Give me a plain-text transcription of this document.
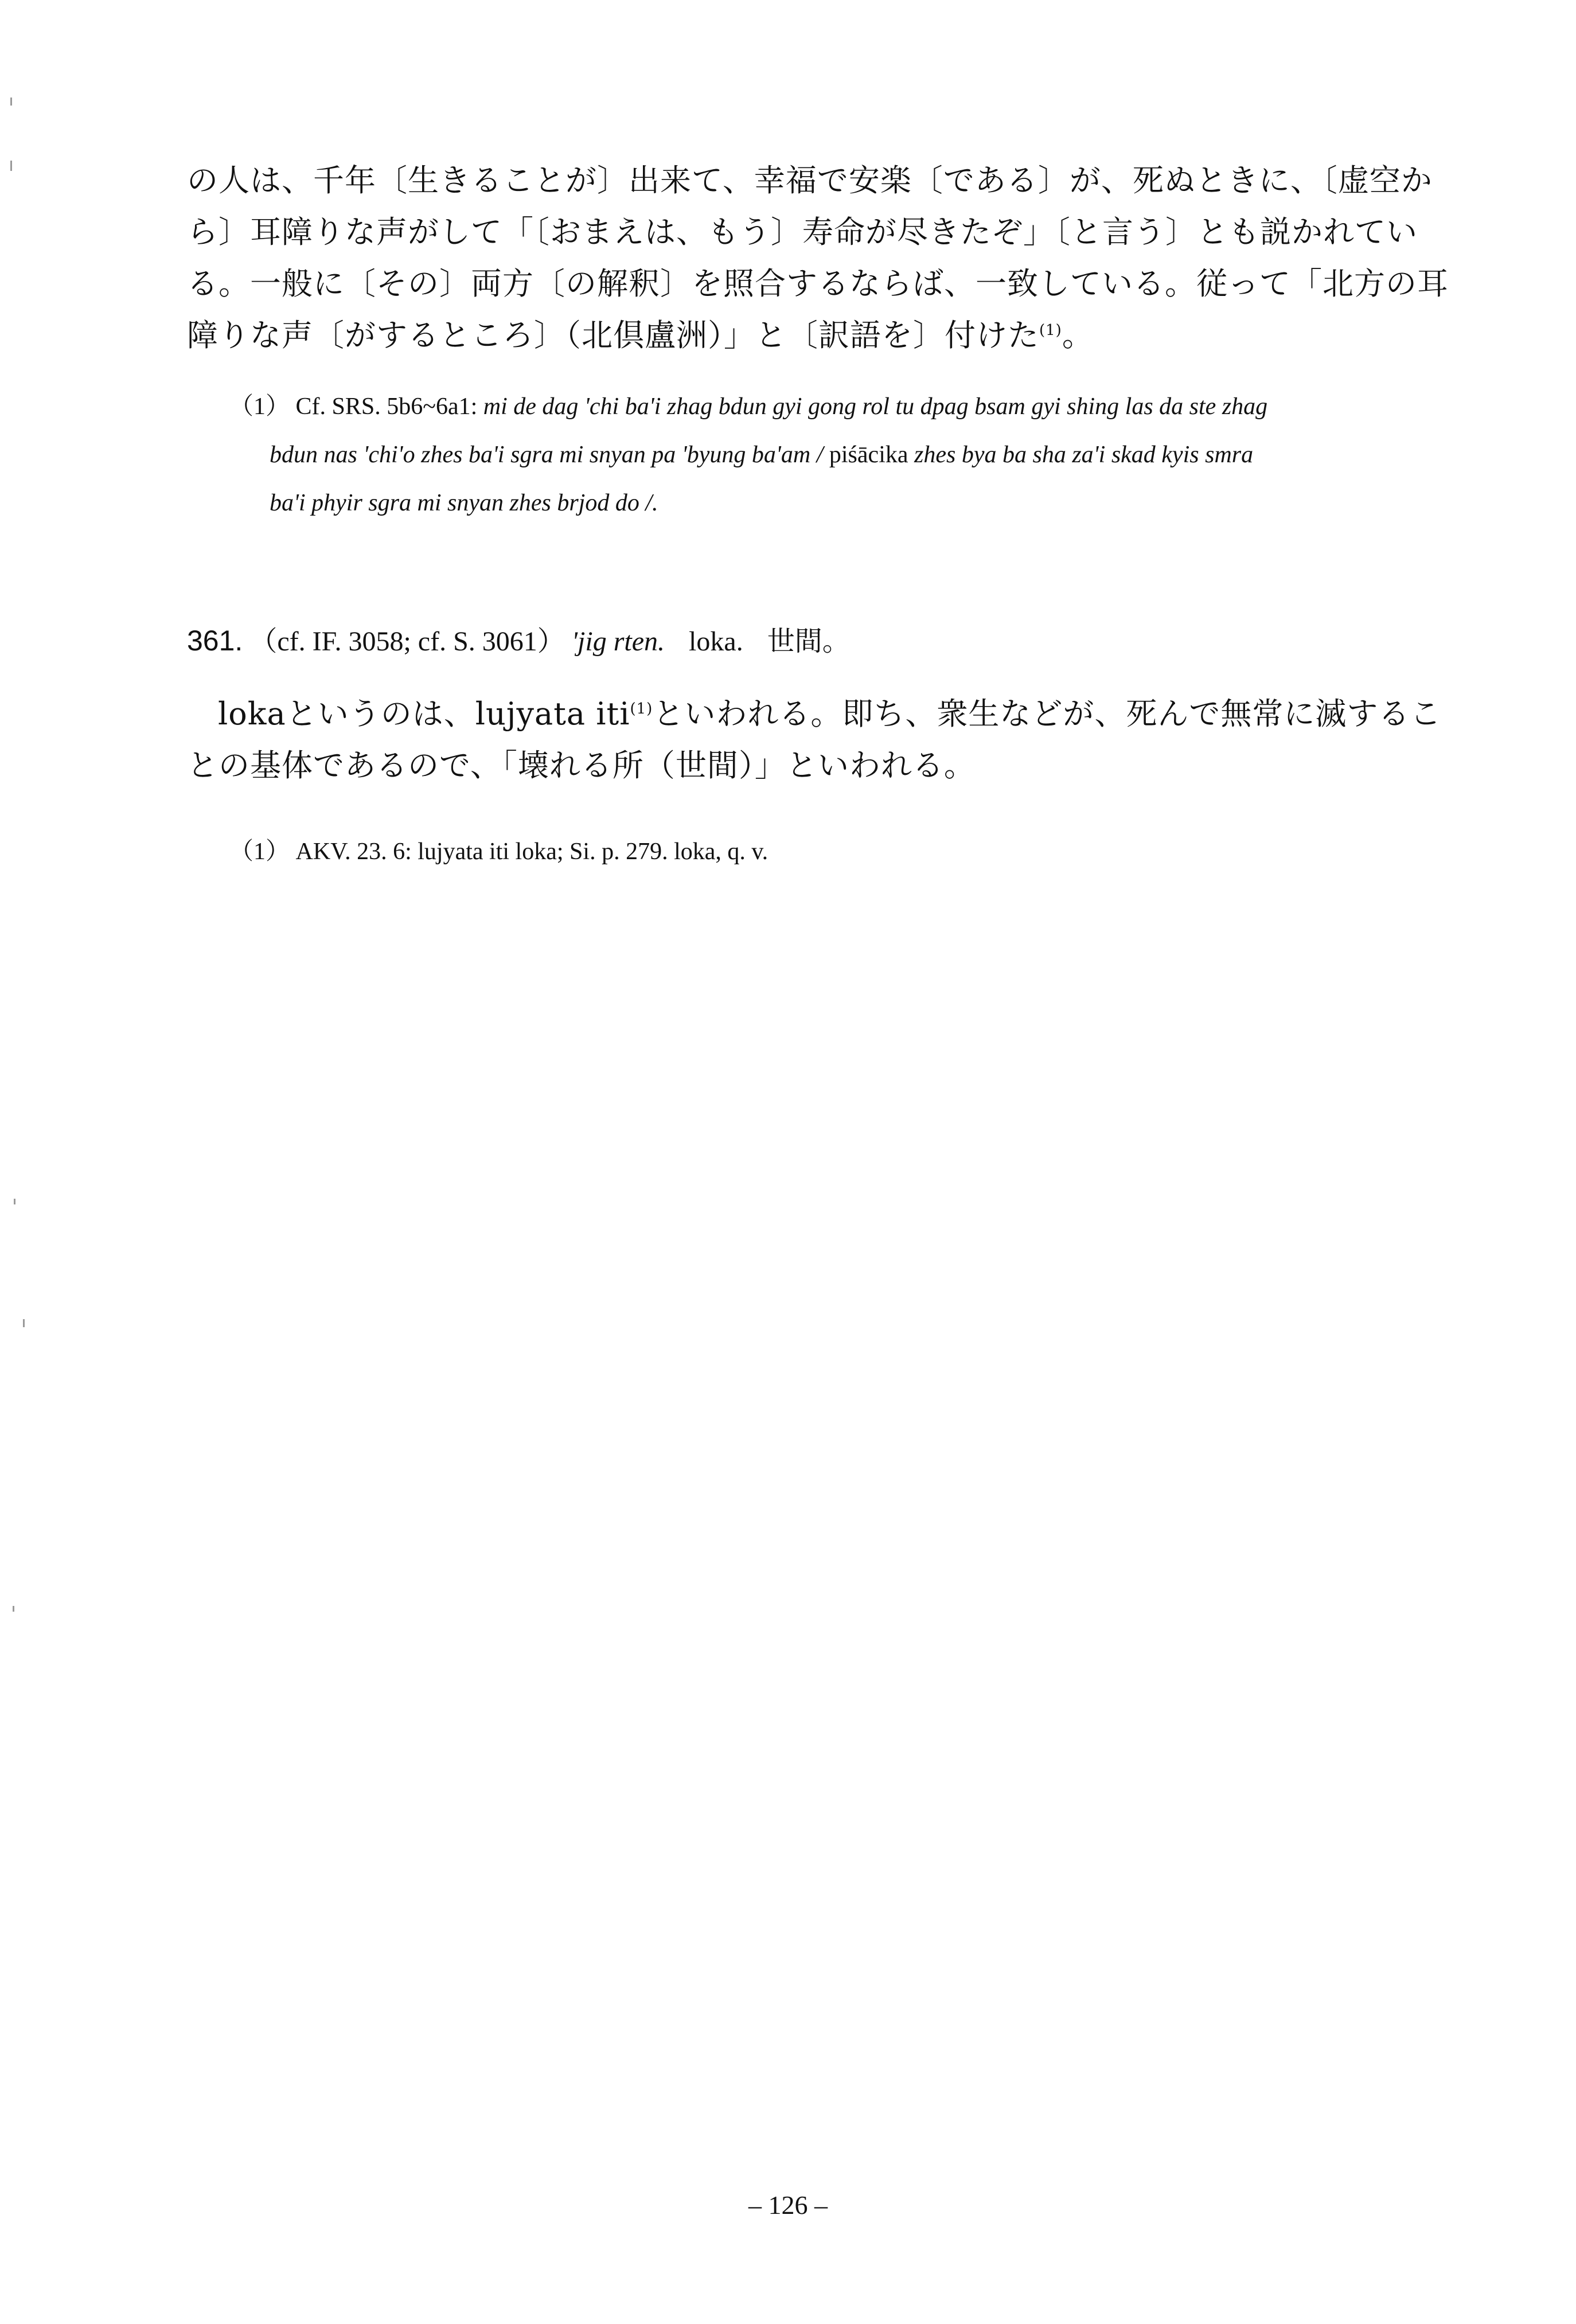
の人は、千年〔生きることが〕出来て、幸福で安楽〔である〕が、死ぬときに、〔虚空か
ら〕耳障りな声がして「〔おまえは、もう〕寿命が尽きたぞ」〔と言う〕とも説かれてい
る。一般に〔その〕両方〔の解釈〕を照合するならば、一致している。従って「北方の耳
障りな声〔がするところ〕（北倶盧洲）」と〔訳語を〕付けた$^{(1)}$。
（1） Cf. SRS. 5b6~6a1: mi de dag 'chi ba'i zhag bdun gyi gong rol tu dpag bsam gyi shing las da ste zhag
bdun nas 'chi'o zhes ba'i sgra mi snyan pa 'byung ba'am / piśācika zhes bya ba sha za'i skad kyis smra
ba'i phyir sgra mi snyan zhes brjod do /.
361. （cf. IF. 3058; cf. S. 3061） 'jig rten. loka. 世間。
lokaというのは、lujyata iti$^{(1)}$といわれる。即ち、衆生などが、死んで無常に滅するこ
との基体であるので、「壊れる所（世間）」といわれる。
（1） AKV. 23. 6: lujyata iti loka; Si. p. 279. loka, q. v.
– 126 –
